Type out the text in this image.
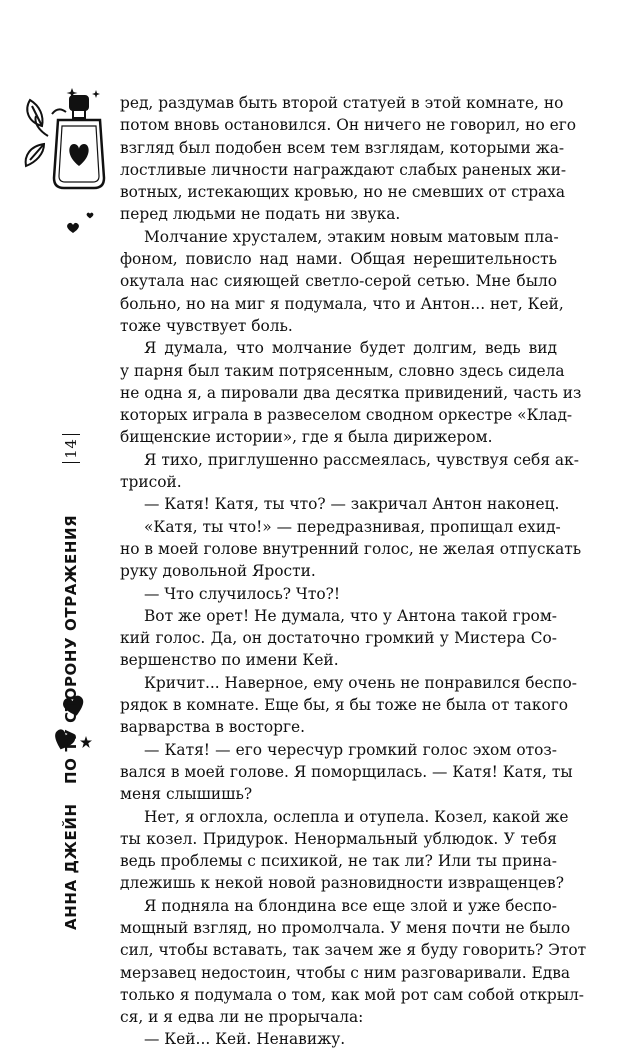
АННА ДЖЕЙНПО ТУ СТОРОНУ ОТРАЖЕНИЯ14
ред, раздумав быть второй статуей в этой комнате, но
потом вновь остановился. Он ничего не говорил, но его
взгляд был подобен всем тем взглядам, которыми жа-
лостливые личности награждают слабых раненых жи-
вотных, истекающих кровью, но не смевших от страха
перед людьми не подать ни звука.
Молчание хрусталем, этаким новым матовым пла-
фоном, повисло над нами. Общая нерешительность
окутала нас сияющей светло-серой сетью. Мне было
больно, но на миг я подумала, что и Антон... нет, Кей,
тоже чувствует боль.
Я думала, что молчание будет долгим, ведь вид
у парня был таким потрясенным, словно здесь сидела
не одна я, а пировали два десятка привидений, часть из
которых играла в развеселом сводном оркестре «Клад-
бищенские истории», где я была дирижером.
Я тихо, приглушенно рассмеялась, чувствуя себя ак-
трисой.
— Катя! Катя, ты что? — закричал Антон наконец.
«Катя, ты что!» — передразнивая, пропищал ехид-
но в моей голове внутренний голос, не желая отпускать
руку довольной Ярости.
— Что случилось? Что?!
Вот же орет! Не думала, что у Антона такой гром-
кий голос. Да, он достаточно громкий у Мистера Со-
вершенство по имени Кей.
Кричит... Наверное, ему очень не понравился беспо-
рядок в комнате. Еще бы, я бы тоже не была от такого
варварства в восторге.
— Катя! — его чересчур громкий голос эхом отоз-
вался в моей голове. Я поморщилась. — Катя! Катя, ты
меня слышишь?
Нет, я оглохла, ослепла и отупела. Козел, какой же
ты козел. Придурок. Ненормальный ублюдок. У тебя
ведь проблемы с психикой, не так ли? Или ты прина-
длежишь к некой новой разновидности извращенцев?
Я подняла на блондина все еще злой и уже беспо-
мощный взгляд, но промолчала. У меня почти не было
сил, чтобы вставать, так зачем же я буду говорить? Этот
мерзавец недостоин, чтобы с ним разговаривали. Едва
только я подумала о том, как мой рот сам собой открыл-
ся, и я едва ли не прорычала:
— Кей... Кей. Ненавижу.
